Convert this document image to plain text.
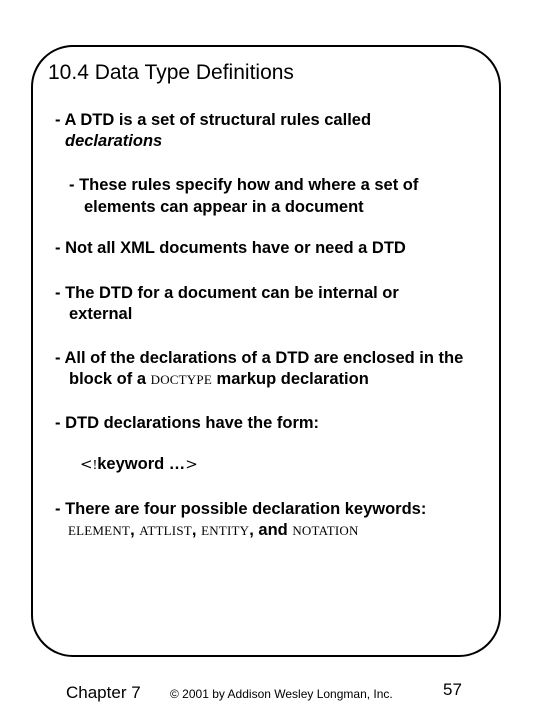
10.4 Data Type Definitions
- A DTD is a set of structural rules called
declarations
- These rules specify how and where a set of
elements can appear in a document
- Not all XML documents have or need a DTD
- The DTD for a document can be internal or
external
- All of the declarations of a DTD are enclosed in the
block of a DOCTYPE markup declaration
- DTD declarations have the form:
<!keyword …>
- There are four possible declaration keywords:
ELEMENT, ATTLIST, ENTITY, and NOTATION
Chapter 7 © 2001 by Addison Wesley Longman, Inc.	57
